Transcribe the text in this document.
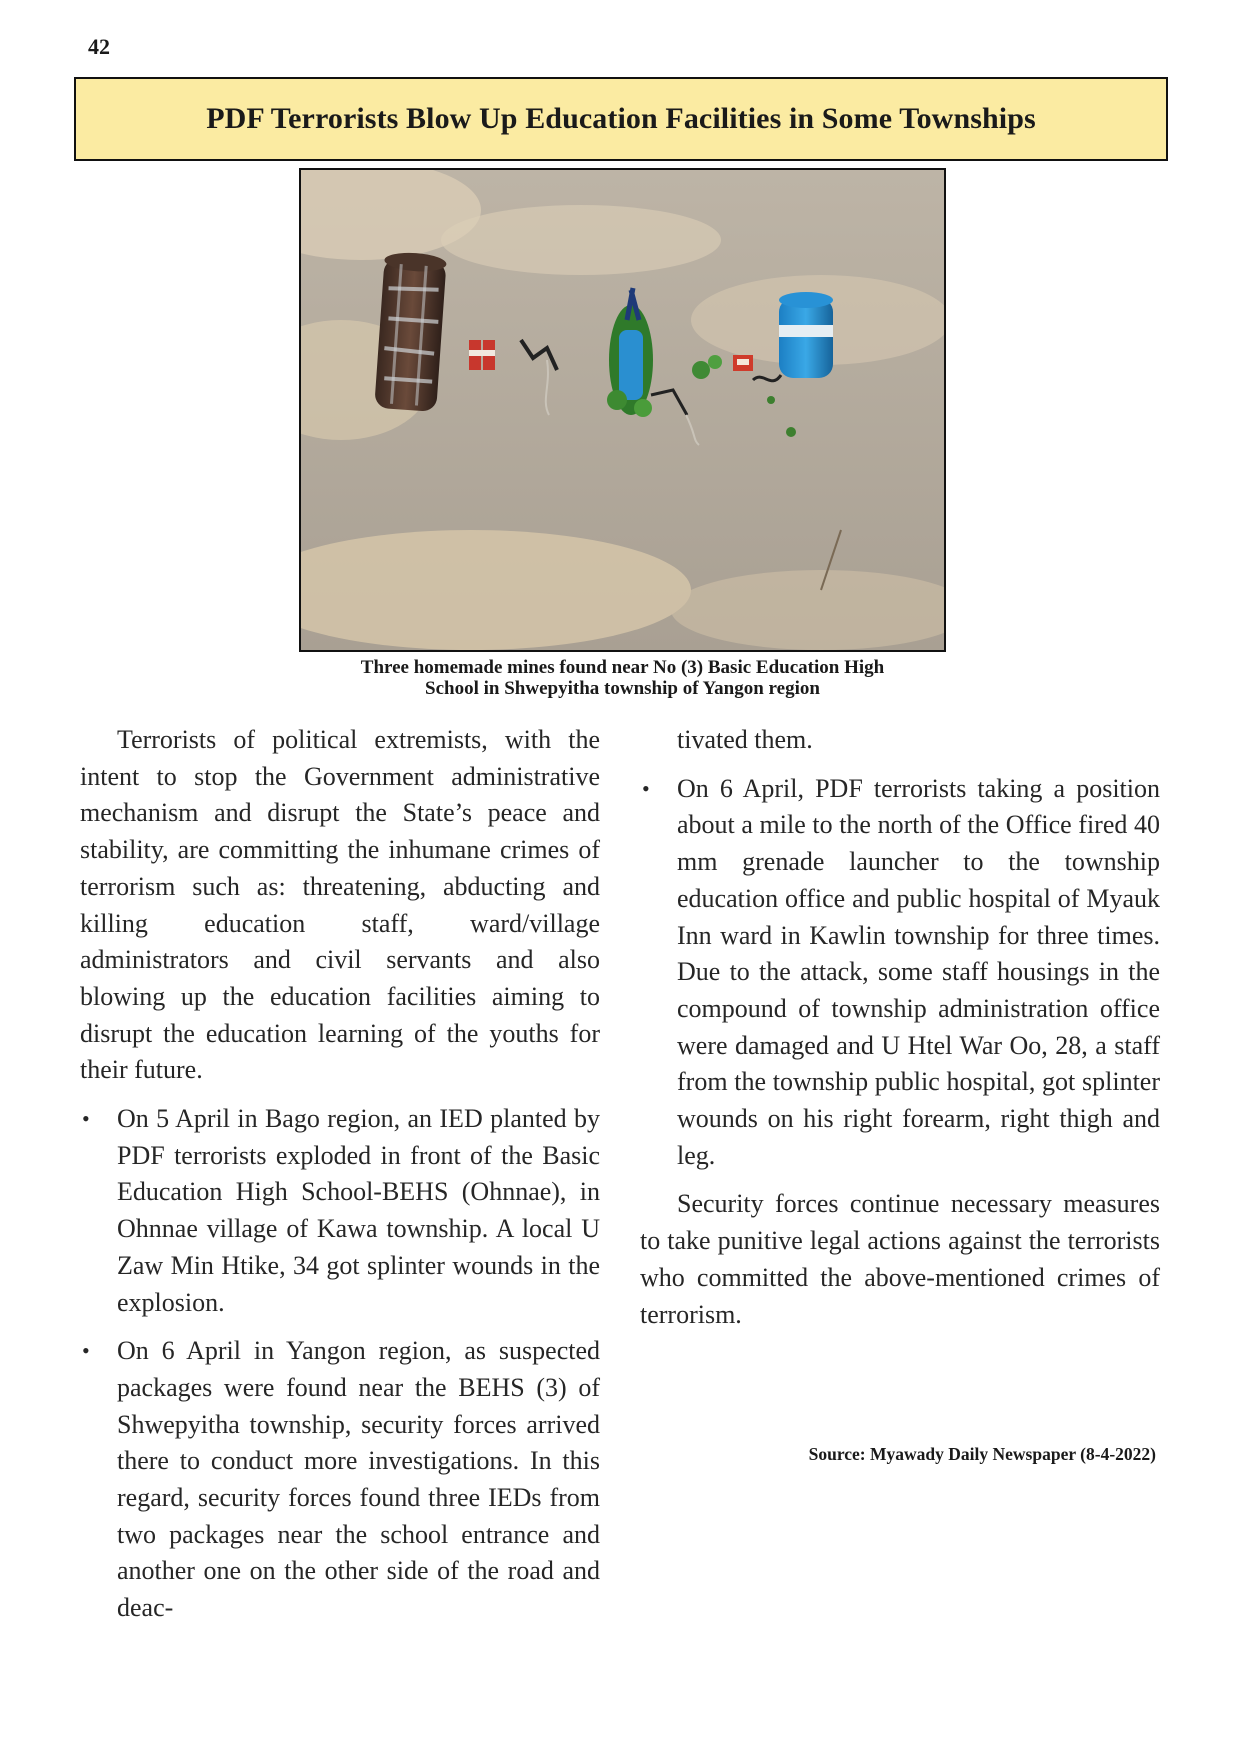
42
PDF Terrorists Blow Up Education Facilities in Some Townships
Three homemade mines found near No (3) Basic Education High
School in Shwepyitha township of Yangon region

Terrorists of political extremists, with the intent to stop the Government administrative mechanism and disrupt the State’s peace and stability, are committing the inhumane crimes of terrorism such as: threatening, abducting and killing education staff, ward/village administrators and civil servants and also blowing up the education facilities aiming to disrupt the education learning of the youths for their future.

• On 5 April in Bago region, an IED planted by PDF terrorists exploded in front of the Basic Education High School-BEHS (Ohnnae), in Ohnnae village of Kawa township. A local U Zaw Min Htike, 34 got splinter wounds in the explosion.

• On 6 April in Yangon region, as suspected packages were found near the BEHS (3) of Shwepyitha township, security forces arrived there to conduct more investigations. In this regard, security forces found three IEDs from two packages near the school entrance and another one on the other side of the road and deac-

tivated them.

• On 6 April, PDF terrorists taking a position about a mile to the north of the Office fired 40 mm grenade launcher to the township education office and public hospital of Myauk Inn ward in Kawlin township for three times. Due to the attack, some staff housings in the compound of township administration office were damaged and U Htel War Oo, 28, a staff from the township public hospital, got splinter wounds on his right forearm, right thigh and leg.

Security forces continue necessary measures to take punitive legal actions against the terrorists who committed the above-mentioned crimes of terrorism.

Source: Myawady Daily Newspaper (8-4-2022)
